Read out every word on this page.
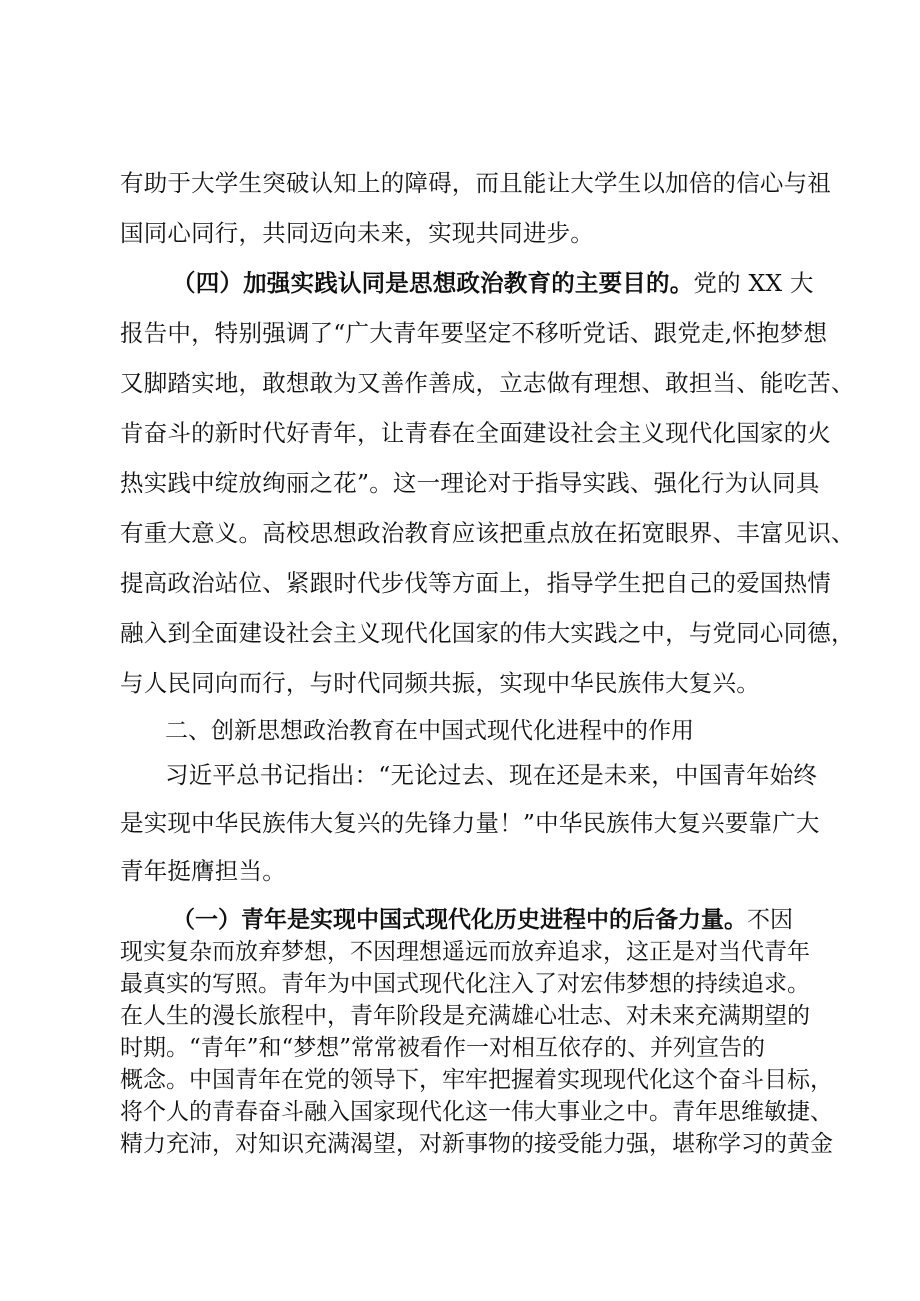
有助于大学生突破认知上的障碍，而且能让大学生以加倍的信心与祖
国同心同行，共同迈向未来，实现共同进步。
（四）加强实践认同是思想政治教育的主要目的。党的 XX 大
报告中，特别强调了“广大青年要坚定不移听党话、跟党走,怀抱梦想
又脚踏实地，敢想敢为又善作善成，立志做有理想、敢担当、能吃苦、
肯奋斗的新时代好青年，让青春在全面建设社会主义现代化国家的火
热实践中绽放绚丽之花”。这一理论对于指导实践、强化行为认同具
有重大意义。高校思想政治教育应该把重点放在拓宽眼界、丰富见识、
提高政治站位、紧跟时代步伐等方面上，指导学生把自己的爱国热情
融入到全面建设社会主义现代化国家的伟大实践之中，与党同心同德，
与人民同向而行，与时代同频共振，实现中华民族伟大复兴。
二、创新思想政治教育在中国式现代化进程中的作用
习近平总书记指出：“无论过去、现在还是未来，中国青年始终
是实现中华民族伟大复兴的先锋力量！”中华民族伟大复兴要靠广大
青年挺膺担当。
（一）青年是实现中国式现代化历史进程中的后备力量。不因
现实复杂而放弃梦想，不因理想遥远而放弃追求，这正是对当代青年
最真实的写照。青年为中国式现代化注入了对宏伟梦想的持续追求。
在人生的漫长旅程中，青年阶段是充满雄心壮志、对未来充满期望的
时期。“青年”和“梦想”常常被看作一对相互依存的、并列宣告的
概念。中国青年在党的领导下，牢牢把握着实现现代化这个奋斗目标，
将个人的青春奋斗融入国家现代化这一伟大事业之中。青年思维敏捷、
精力充沛，对知识充满渴望，对新事物的接受能力强，堪称学习的黄金
